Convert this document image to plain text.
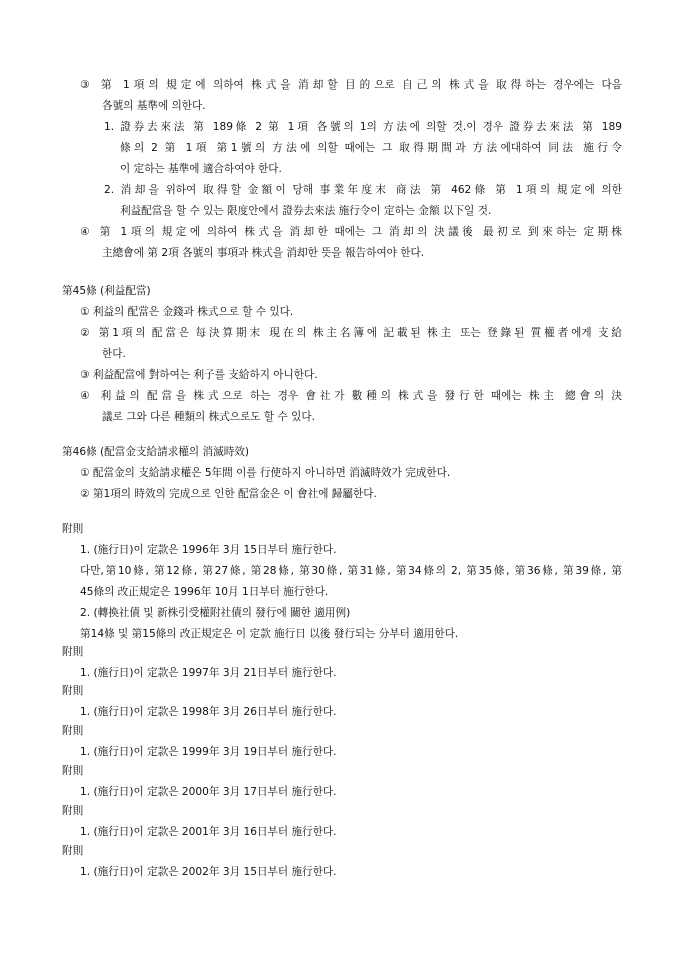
③ 第 1項의 規定에 의하여 株式을 消却할 目的으로 自己의 株式을 取得하는 경우에는 다음
各號의 基準에 의한다.
1. 證券去來法 第 189條 2 第 1項 各號의 1의 方法에 의할 것.이 경우 證券去來法 第 189
條의 2 第 1項 第1號의 方法에 의할 때에는 그 取得期間과 方法에대하여 同法 施行令
이 定하는 基準에 適合하여야 한다.
2. 消却을 위하여 取得할 金額이 당해 事業年度末 商法 第 462條 第 1項의 規定에 의한
利益配當을 할 수 있는 限度안에서 證券去來法 施行令이 定하는 金額 以下일 것.
④ 第 1項의 規定에 의하여 株式을 消却한 때에는 그 消却의 決議後 最初로 到來하는 定期株
主總會에 第 2項 各號의 事項과 株式을 消却한 뜻을 報告하여야 한다.
第45條 (利益配當)
① 利益의 配當은 金錢과 株式으로 할 수 있다.
② 第1項의 配當은 每決算期末 現在의 株主名簿에 記載된 株主 또는 登錄된 質權者에게 支給
한다.
③ 利益配當에 對하여는 利子를 支給하지 아니한다.
④ 利益의 配當을 株式으로 하는 경우 會社가 數種의 株式을 發行한 때에는 株主 總會의 決
議로 그와 다른 種類의 株式으로도 할 수 있다.
第46條 (配當金支給請求權의 消滅時效)
① 配當金의 支給請求權은 5年間 이를 行使하지 아니하면 消滅時效가 完成한다.
② 第1項의 時效의 完成으로 인한 配當金은 이 會社에 歸屬한다.
附則
1. (施行日)이 定款은 1996年 3月 15日부터 施行한다.
다만,第10條, 第12條, 第27條, 第28條, 第30條, 第31條, 第34條의 2, 第35條, 第36條, 第39條, 第
45條의 改正規定은 1996年 10月 1日부터 施行한다.
2. (轉換社債 및 新株引受權附社債의 發行에 關한 適用例)
第14條 및 第15條의 改正規定은 이 定款 施行日 以後 發行되는 分부터 適用한다.
附則
1. (施行日)이 定款은 1997年 3月 21日부터 施行한다.
附則
1. (施行日)이 定款은 1998年 3月 26日부터 施行한다.
附則
1. (施行日)이 定款은 1999年 3月 19日부터 施行한다.
附則
1. (施行日)이 定款은 2000年 3月 17日부터 施行한다.
附則
1. (施行日)이 定款은 2001年 3月 16日부터 施行한다.
附則
1. (施行日)이 定款은 2002年 3月 15日부터 施行한다.
